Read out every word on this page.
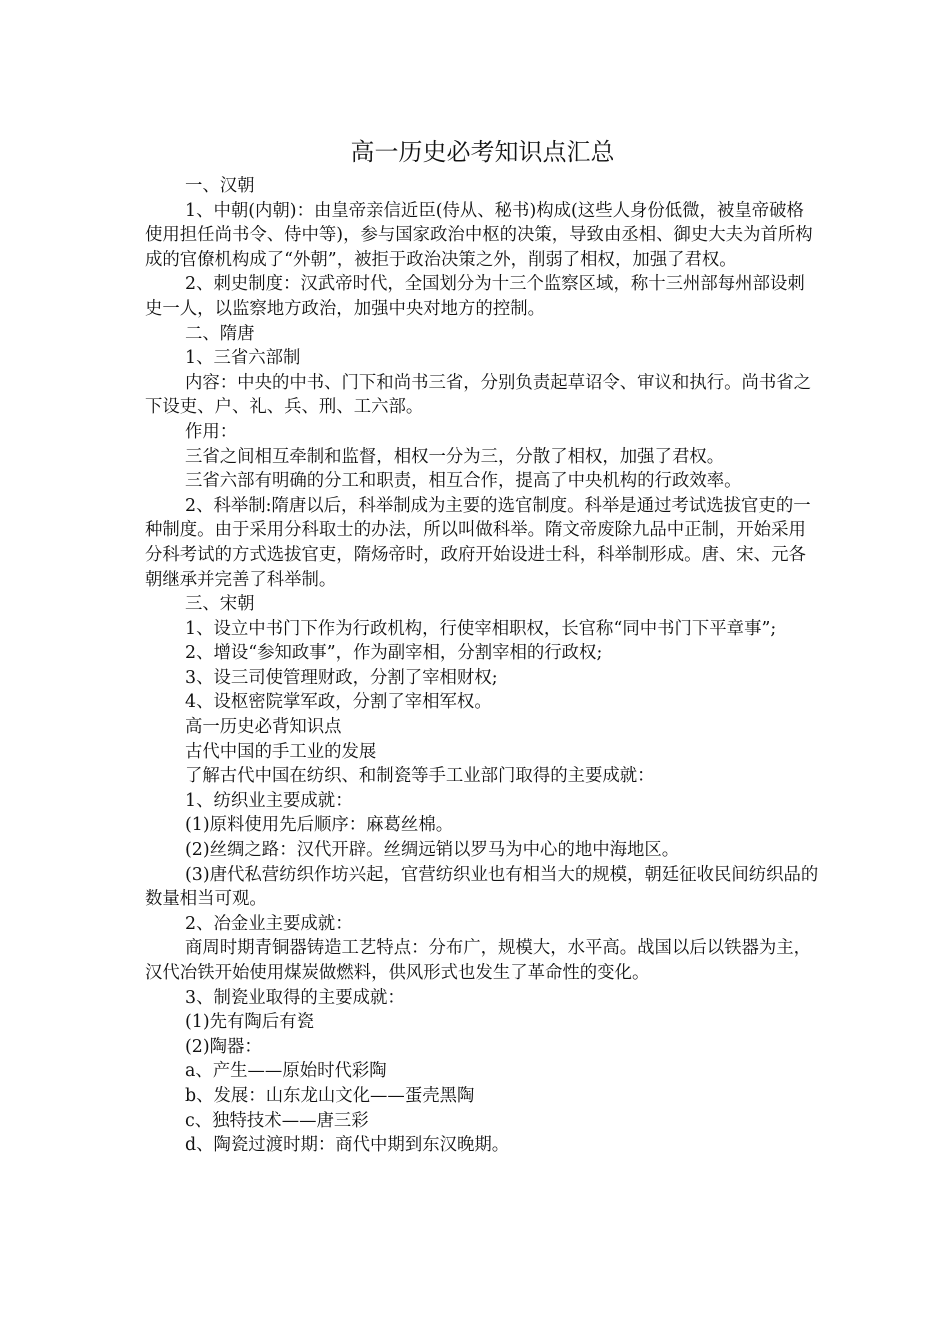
高一历史必考知识点汇总

一、汉朝

1、中朝(内朝)：由皇帝亲信近臣(侍从、秘书)构成(这些人身份低微，被皇帝破格使用担任尚书令、侍中等)，参与国家政治中枢的决策，导致由丞相、御史大夫为首所构成的官僚机构成了“外朝”，被拒于政治决策之外，削弱了相权，加强了君权。

2、刺史制度：汉武帝时代，全国划分为十三个监察区域，称十三州部每州部设刺史一人，以监察地方政治，加强中央对地方的控制。

二、隋唐

1、三省六部制

内容：中央的中书、门下和尚书三省，分别负责起草诏令、审议和执行。尚书省之下设吏、户、礼、兵、刑、工六部。

作用：

三省之间相互牵制和监督，相权一分为三，分散了相权，加强了君权。

三省六部有明确的分工和职责，相互合作，提高了中央机构的行政效率。

2、科举制:隋唐以后，科举制成为主要的选官制度。科举是通过考试选拔官吏的一种制度。由于采用分科取士的办法，所以叫做科举。隋文帝废除九品中正制，开始采用分科考试的方式选拔官吏，隋炀帝时，政府开始设进士科，科举制形成。唐、宋、元各朝继承并完善了科举制。

三、宋朝

1、设立中书门下作为行政机构，行使宰相职权，长官称“同中书门下平章事”;

2、增设“参知政事”，作为副宰相，分割宰相的行政权;

3、设三司使管理财政，分割了宰相财权;

4、设枢密院掌军政，分割了宰相军权。

高一历史必背知识点

古代中国的手工业的发展

了解古代中国在纺织、和制瓷等手工业部门取得的主要成就：

1、纺织业主要成就：

(1)原料使用先后顺序：麻葛丝棉。

(2)丝绸之路：汉代开辟。丝绸远销以罗马为中心的地中海地区。

(3)唐代私营纺织作坊兴起，官营纺织业也有相当大的规模，朝廷征收民间纺织品的数量相当可观。

2、冶金业主要成就：

商周时期青铜器铸造工艺特点：分布广，规模大，水平高。战国以后以铁器为主，汉代冶铁开始使用煤炭做燃料，供风形式也发生了革命性的变化。

3、制瓷业取得的主要成就：

(1)先有陶后有瓷

(2)陶器：

a、产生——原始时代彩陶

b、发展：山东龙山文化——蛋壳黑陶

c、独特技术——唐三彩

d、陶瓷过渡时期：商代中期到东汉晚期。
